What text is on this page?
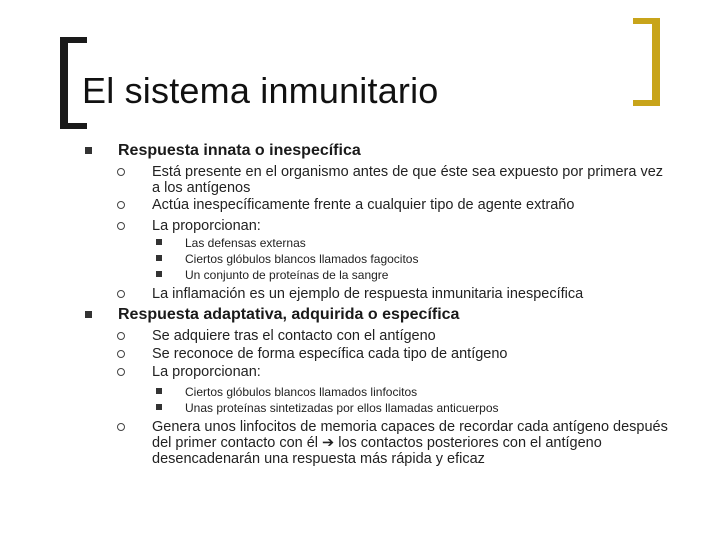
El sistema inmunitario
Respuesta innata o inespecífica
Está presente en el organismo antes de que éste sea expuesto por primera vez a los antígenos
Actúa inespecíficamente frente a cualquier tipo de agente extraño
La proporcionan:
Las defensas externas
Ciertos glóbulos blancos llamados fagocitos
Un conjunto de proteínas de la sangre
La inflamación es un ejemplo de respuesta inmunitaria inespecífica
Respuesta adaptativa, adquirida o específica
Se adquiere tras el contacto con el antígeno
Se reconoce de forma específica cada tipo de antígeno
La proporcionan:
Ciertos glóbulos blancos llamados linfocitos
Unas proteínas sintetizadas por ellos llamadas anticuerpos
Genera unos linfocitos de memoria capaces de recordar cada antígeno después del primer contacto con él ➔ los contactos posteriores con el antígeno desencadenarán una respuesta más rápida y eficaz
